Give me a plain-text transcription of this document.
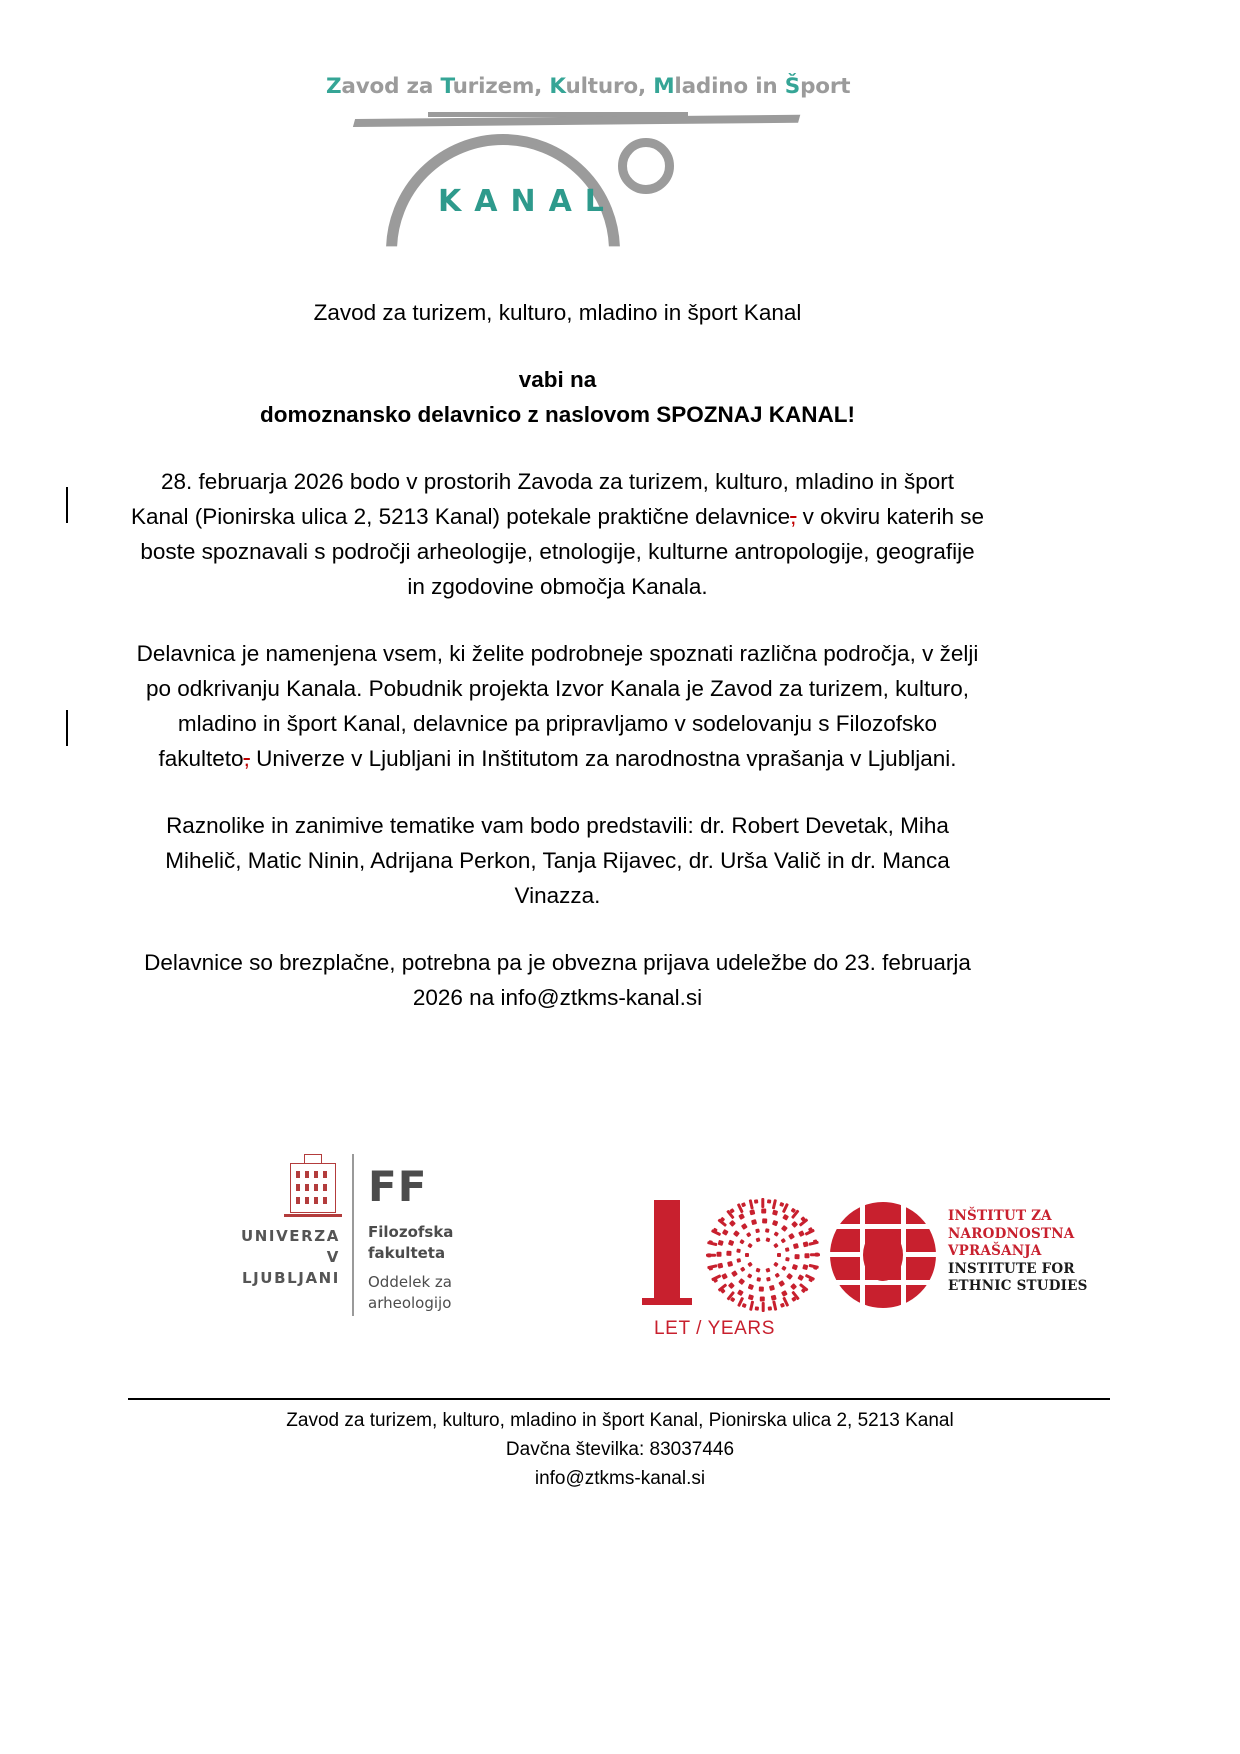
Zavod za Turizem, Kulturo, Mladino in Šport
KANAL

Zavod za turizem, kulturo, mladino in šport Kanal

vabi na

domoznansko delavnico z naslovom SPOZNAJ KANAL!

28. februarja 2026 bodo v prostorih Zavoda za turizem, kulturo, mladino in šport Kanal (Pionirska ulica 2, 5213 Kanal) potekale praktične delavnice, v okviru katerih se boste spoznavali s področji arheologije, etnologije, kulturne antropologije, geografije in zgodovine območja Kanala.

Delavnica je namenjena vsem, ki želite podrobneje spoznati različna področja, v želji po odkrivanju Kanala. Pobudnik projekta Izvor Kanala je Zavod za turizem, kulturo, mladino in šport Kanal, delavnice pa pripravljamo v sodelovanju s Filozofsko fakulteto, Univerze v Ljubljani in Inštitutom za narodnostna vprašanja v Ljubljani.

Raznolike in zanimive tematike vam bodo predstavili: dr. Robert Devetak, Miha Mihelič, Matic Ninin, Adrijana Perkon, Tanja Rijavec, dr. Urša Valič in dr. Manca Vinazza.

Delavnice so brezplačne, potrebna pa je obvezna prijava udeležbe do 23. februarja 2026 na info@ztkms-kanal.si

UNIVERZA
V LJUBLJANI
FF
Filozofska
fakulteta
Oddelek za
arheologijo
LET / YEARS
INŠTITUT ZA
NARODNOSTNA
VPRAŠANJA
INSTITUTE FOR
ETHNIC STUDIES
Zavod za turizem, kulturo, mladino in šport Kanal, Pionirska ulica 2, 5213 Kanal
Davčna številka: 83037446
info@ztkms-kanal.si
